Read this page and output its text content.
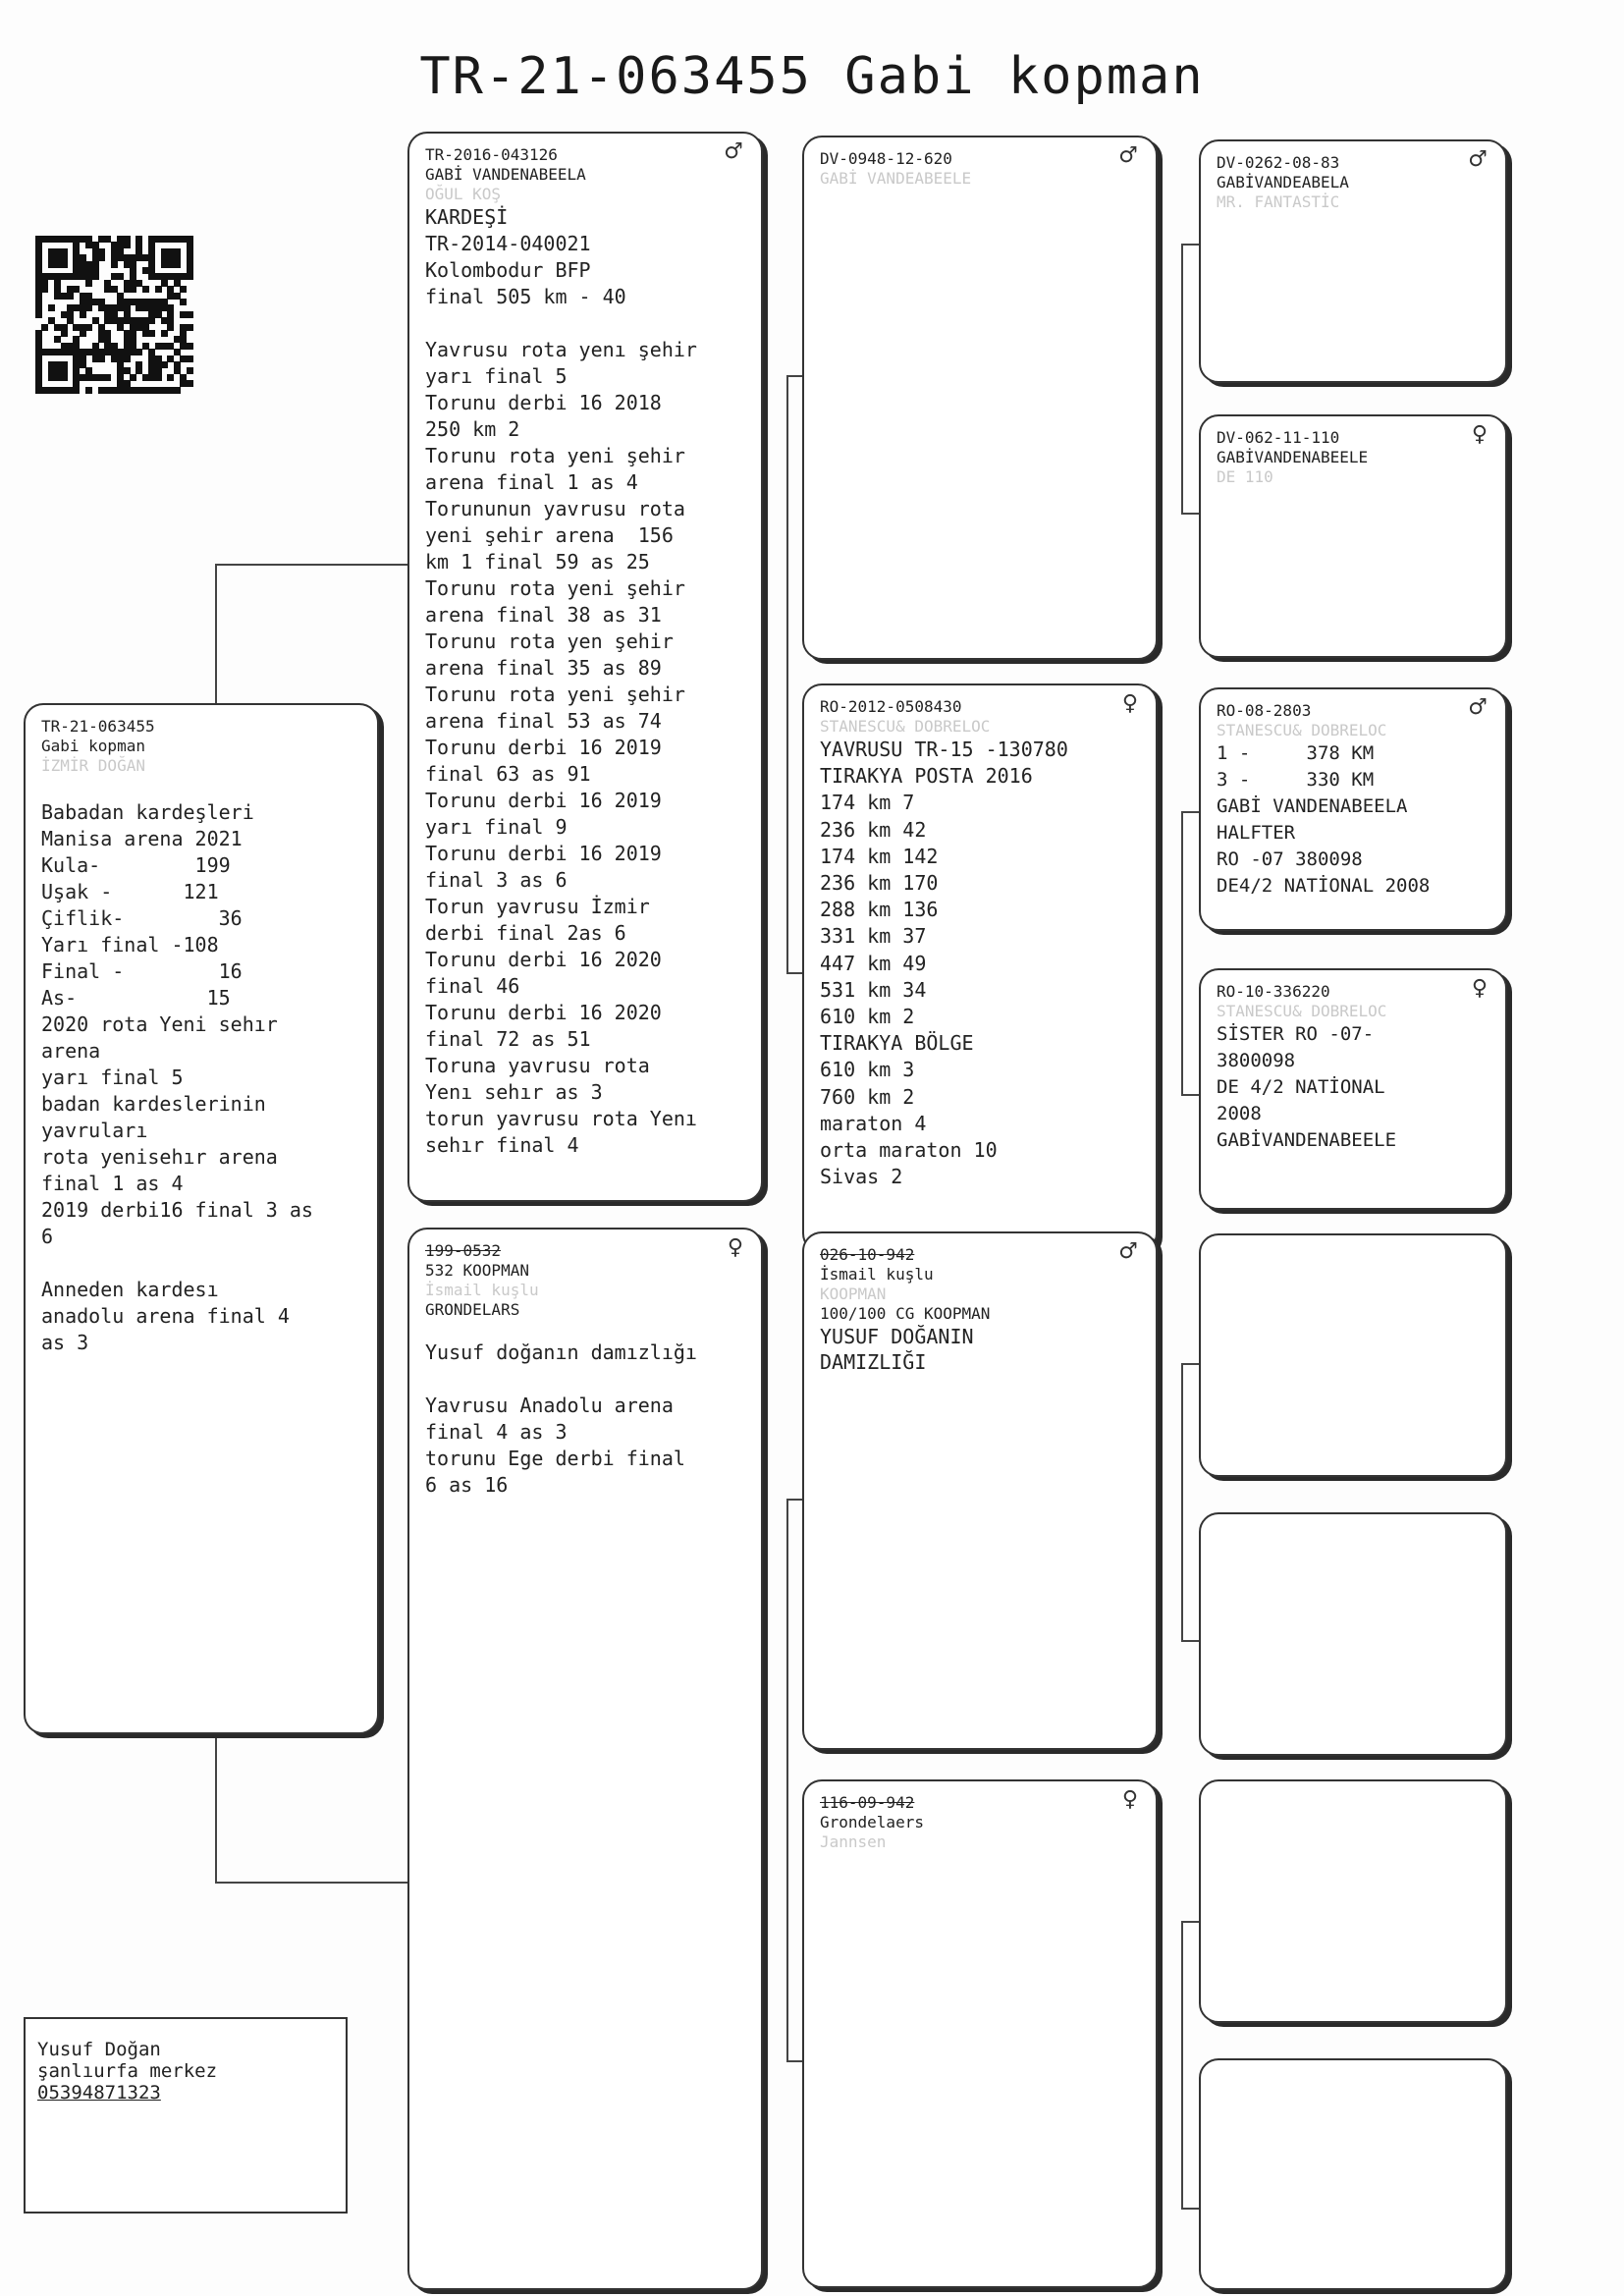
TR-21-063455 Gabi kopman
TR-21-063455
Gabi kopman
İZMİR DOĞAN
Babadan kardeşleri
Manisa arena 2021
Kula-        199
Uşak -      121
Çiflik-        36
Yarı final -108
Final -        16
As-           15
2020 rota Yeni sehır
arena
yarı final 5
badan kardeslerinin
yavruları
rota yenisehır arena
final 1 as 4
2019 derbi16 final 3 as
6

Anneden kardesı
anadolu arena final 4
as 3
♂
TR-2016-043126
GABİ VANDENABEELA
OĞUL KOŞ
KARDEŞİ
TR-2014-040021
Kolombodur BFP
final 505 km - 40

Yavrusu rota yenı şehir
yarı final 5
Torunu derbi 16 2018
250 km 2
Torunu rota yeni şehir
arena final 1 as 4
Torununun yavrusu rota
yeni şehir arena  156
km 1 final 59 as 25
Torunu rota yeni şehir
arena final 38 as 31
Torunu rota yen şehir
arena final 35 as 89
Torunu rota yeni şehir
arena final 53 as 74
Torunu derbi 16 2019
final 63 as 91
Torunu derbi 16 2019
yarı final 9
Torunu derbi 16 2019
final 3 as 6
Torun yavrusu İzmir
derbi final 2as 6
Torunu derbi 16 2020
final 46
Torunu derbi 16 2020
final 72 as 51
Toruna yavrusu rota
Yenı sehır as 3
torun yavrusu rota Yenı
sehır final 4
♀
199-0532
532 KOOPMAN
İsmail kuşlu
GRONDELARS
Yusuf doğanın damızlığı

Yavrusu Anadolu arena
final 4 as 3
torunu Ege derbi final
6 as 16
♂
DV-0948-12-620
GABİ VANDEABEELE
♀
RO-2012-0508430
STANESCU& DOBRELOC
YAVRUSU TR-15 -130780
TIRAKYA POSTA 2016
174 km 7
236 km 42
174 km 142
236 km 170
288 km 136
331 km 37
447 km 49
531 km 34
610 km 2
TIRAKYA BÖLGE
610 km 3
760 km 2
maraton 4
orta maraton 10
Sivas 2
♂
026-10-942
İsmail kuşlu
KOOPMAN
100/100 CG KOOPMAN
YUSUF DOĞANIN
DAMIZLIĞI
♀
116-09-942
Grondelaers
Jannsen
♂
DV-0262-08-83
GABİVANDEABELA
MR. FANTASTİC
♀
DV-062-11-110
GABİVANDENABEELE
DE 110
♂
RO-08-2803
STANESCU& DOBRELOC
1 -     378 KM
3 -     330 KM
GABİ VANDENABEELA
HALFTER
RO -07 380098
DE4/2 NATİONAL 2008
♀
RO-10-336220
STANESCU& DOBRELOC
SİSTER RO -07-
3800098
DE 4/2 NATİONAL
2008
GABİVANDENABEELE
Yusuf Doğan
şanlıurfa merkez
05394871323
